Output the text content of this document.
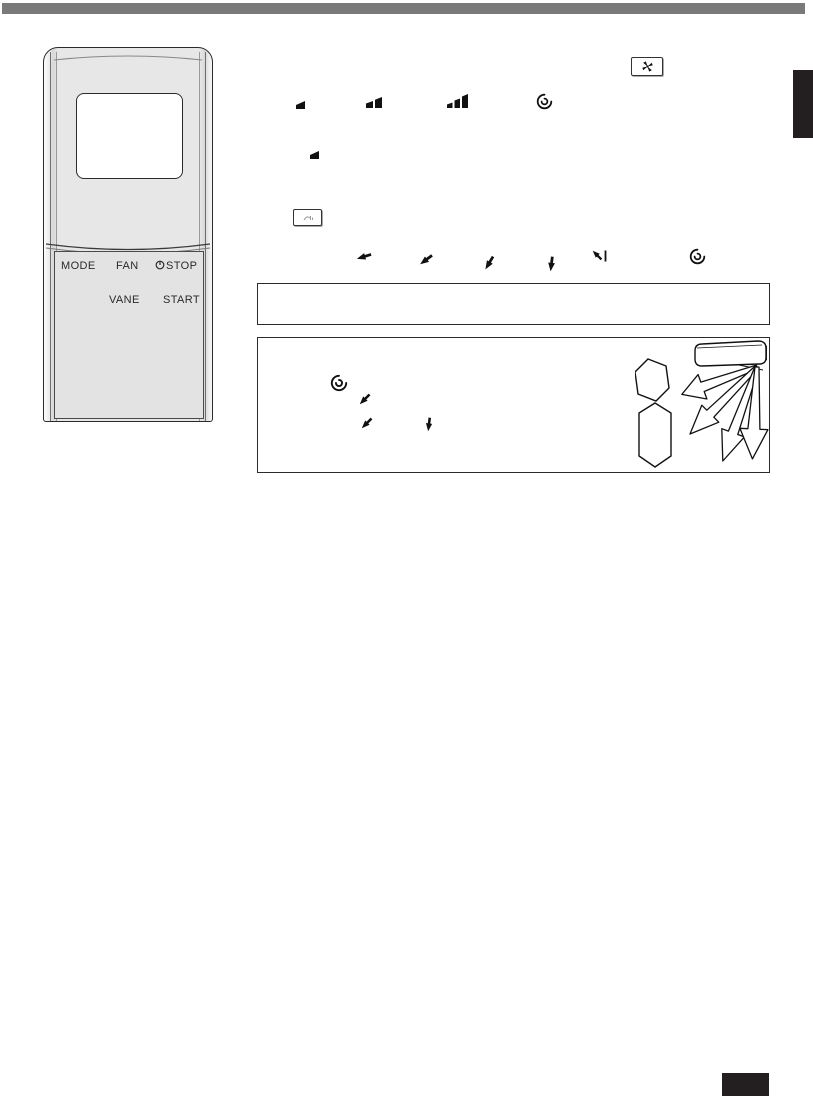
MODE FAN	STOP
VANE START
